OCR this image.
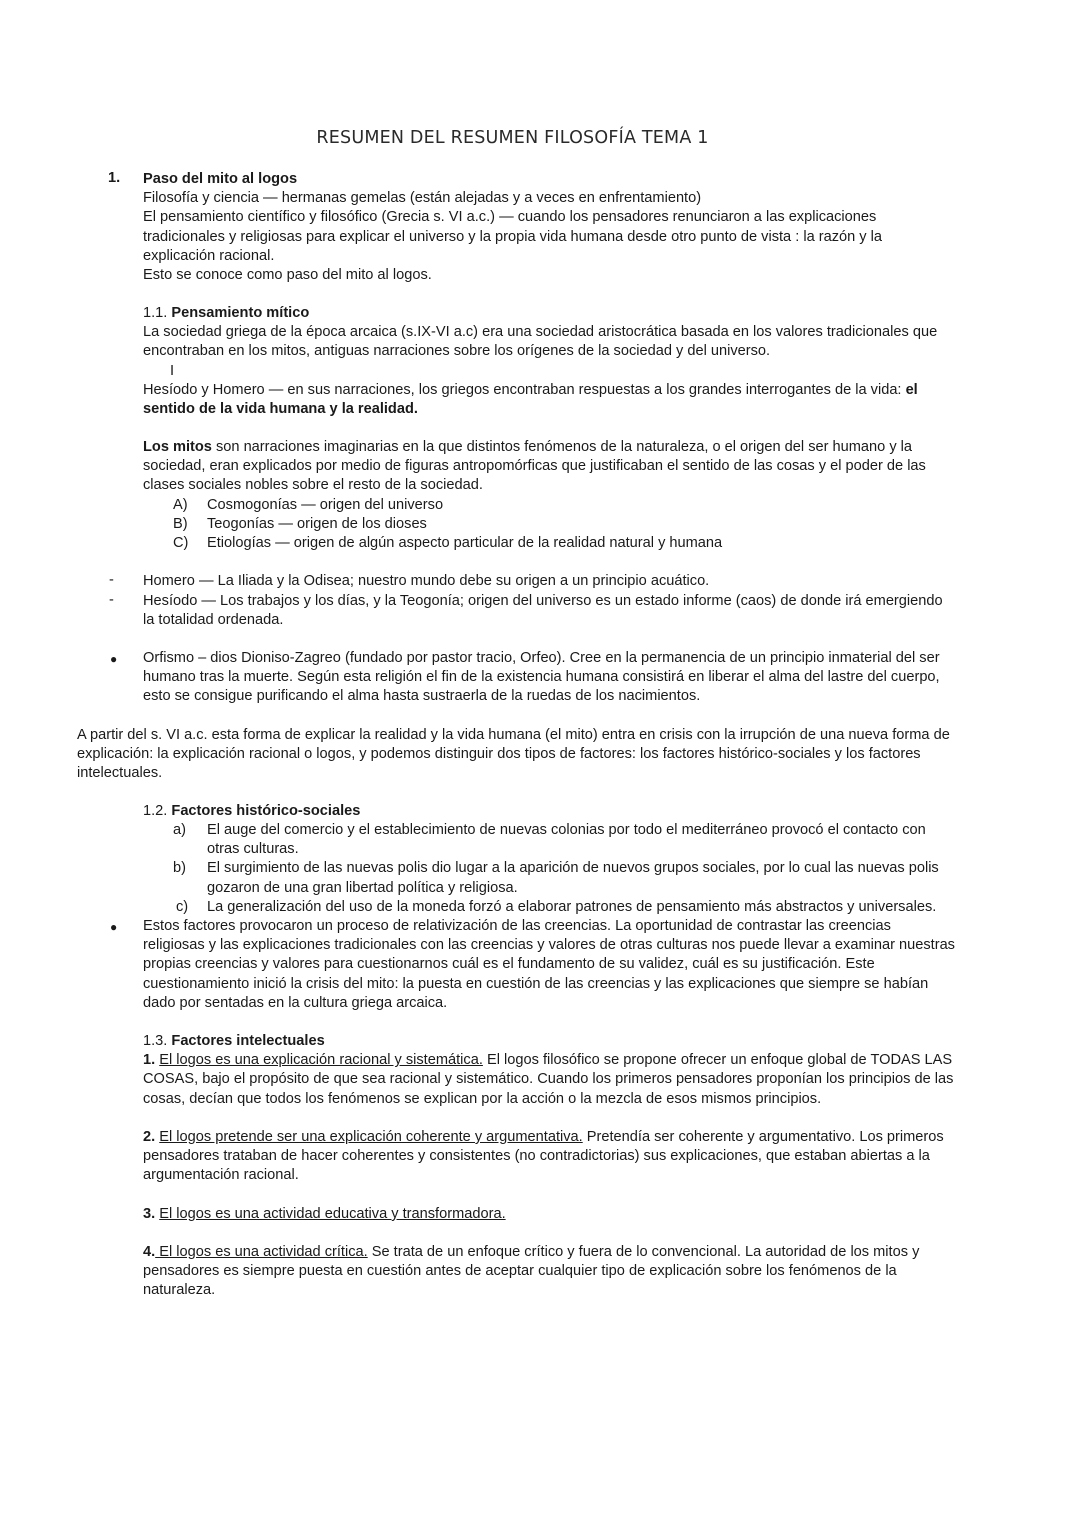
RESUMEN DEL RESUMEN FILOSOFÍA TEMA 1
1. Paso del mito al logos
Filosofía y ciencia — hermanas gemelas (están alejadas y a veces en enfrentamiento)
El pensamiento científico y filosófico (Grecia s. VI a.c.) — cuando los pensadores renunciaron a las explicaciones
tradicionales y religiosas para explicar el universo y la propia vida humana desde otro punto de vista : la razón y la
explicación racional.
Esto se conoce como paso del mito al logos.
1.1. Pensamiento mítico
La sociedad griega de la época arcaica (s.IX-VI a.c) era una sociedad aristocrática basada en los valores tradicionales que
encontraban en los mitos, antiguas narraciones sobre los orígenes de la sociedad y del universo.
I
Hesíodo y Homero — en sus narraciones, los griegos encontraban respuestas a los grandes interrogantes de la vida: el
sentido de la vida humana y la realidad.
Los mitos son narraciones imaginarias en la que distintos fenómenos de la naturaleza, o el origen del ser humano y la
sociedad, eran explicados por medio de figuras antropomórficas que justificaban el sentido de las cosas y el poder de las
clases sociales nobles sobre el resto de la sociedad.
A)	Cosmogonías — origen del universo
B)	Teogonías — origen de los dioses
C)	Etiologías — origen de algún aspecto particular de la realidad natural y humana
- Homero — La Iliada y la Odisea; nuestro mundo debe su origen a un principio acuático.
- Hesíodo — Los trabajos y los días, y la Teogonía; origen del universo es un estado informe (caos) de donde irá emergiendo
la totalidad ordenada.
● Orfismo – dios Dioniso-Zagreo (fundado por pastor tracio, Orfeo). Cree en la permanencia de un principio inmaterial del ser
humano tras la muerte. Según esta religión el fin de la existencia humana consistirá en liberar el alma del lastre del cuerpo,
esto se consigue purificando el alma hasta sustraerla de la ruedas de los nacimientos.
A partir del s. VI a.c. esta forma de explicar la realidad y la vida humana (el mito) entra en crisis con la irrupción de una nueva forma de
explicación: la explicación racional o logos, y podemos distinguir dos tipos de factores: los factores histórico-sociales y los factores
intelectuales.
1.2. Factores histórico-sociales
a)	El auge del comercio y el establecimiento de nuevas colonias por todo el mediterráneo provocó el contacto con
otras culturas.
b)	El surgimiento de las nuevas polis dio lugar a la aparición de nuevos grupos sociales, por lo cual las nuevas polis
gozaron de una gran libertad política y religiosa.
c)	La generalización del uso de la moneda forzó a elaborar patrones de pensamiento más abstractos y universales.
● Estos factores provocaron un proceso de relativización de las creencias. La oportunidad de contrastar las creencias
religiosas y las explicaciones tradicionales con las creencias y valores de otras culturas nos puede llevar a examinar nuestras
propias creencias y valores para cuestionarnos cuál es el fundamento de su validez, cuál es su justificación. Este
cuestionamiento inició la crisis del mito: la puesta en cuestión de las creencias y las explicaciones que siempre se habían
dado por sentadas en la cultura griega arcaica.
1.3. Factores intelectuales
1. El logos es una explicación racional y sistemática. El logos filosófico se propone ofrecer un enfoque global de TODAS LAS
COSAS, bajo el propósito de que sea racional y sistemático. Cuando los primeros pensadores proponían los principios de las
cosas, decían que todos los fenómenos se explican por la acción o la mezcla de esos mismos principios.
2. El logos pretende ser una explicación coherente y argumentativa. Pretendía ser coherente y argumentativo. Los primeros
pensadores trataban de hacer coherentes y consistentes (no contradictorias) sus explicaciones, que estaban abiertas a la
argumentación racional.
3. El logos es una actividad educativa y transformadora.
4. El logos es una actividad crítica. Se trata de un enfoque crítico y fuera de lo convencional. La autoridad de los mitos y
pensadores es siempre puesta en cuestión antes de aceptar cualquier tipo de explicación sobre los fenómenos de la
naturaleza.
